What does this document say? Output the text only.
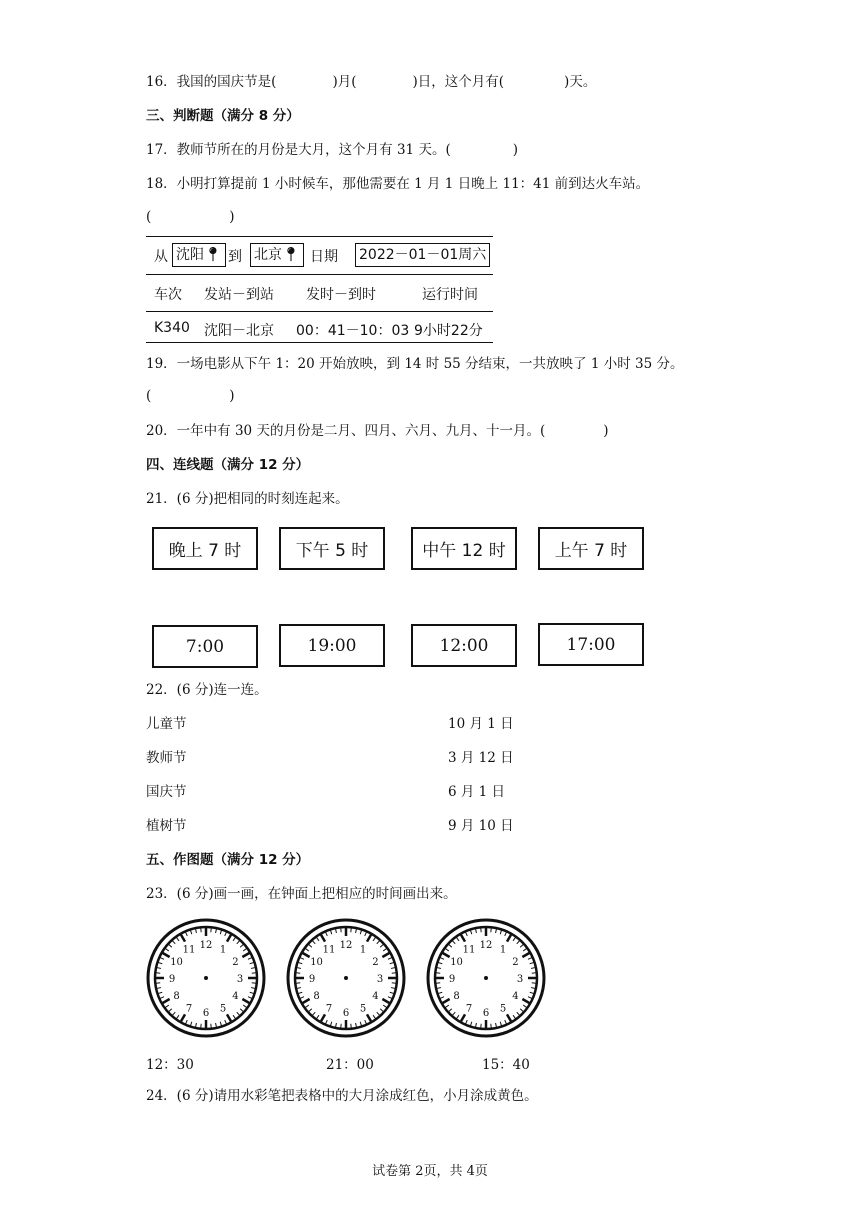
16．我国的国庆节是(	)月(	)日，这个月有(	)天。
三、判断题（满分 8 分）
17．教师节所在的月份是大月，这个月有 31 天。(	)
18．小明打算提前 1 小时候车，那他需要在 1 月 1 日晚上 11：41 前到达火车站。
(	)
从 沈阳📍︎ 到 北京📍︎ 日期 2022－01－01周六
车次 发站－到站 发时－到时	运行时间
K340 沈阳－北京 00：41－10：03 9小时22分
19．一场电影从下午 1：20 开始放映，到 14 时 55 分结束，一共放映了 1 小时 35 分。
(	)
20．一年中有 30 天的月份是二月、四月、六月、九月、十一月。(	)
四、连线题（满分 12 分）
21．(6 分)把相同的时刻连起来。
晚上 7 时	下午 5 时	中午 12 时	上午 7 时
7:00	19:00	12:00	17:00
22．(6 分)连一连。
儿童节
教师节
国庆节
植树节
10 月 1 日
3 月 12 日
6 月 1 日
9 月 10 日
五、作图题（满分 12 分）
23．(6 分)画一画，在钟面上把相应的时间画出来。
12 1
2
3
4
5
6
7
8
9
10
11	12 1
2
3
4
5
6
7
8
9
10
11	12 1
2
3
4
5
6
7
8
9
10
11
12：30	21：00	15：40
24．(6 分)请用水彩笔把表格中的大月涂成红色，小月涂成黄色。
试卷第 2页，共 4页
